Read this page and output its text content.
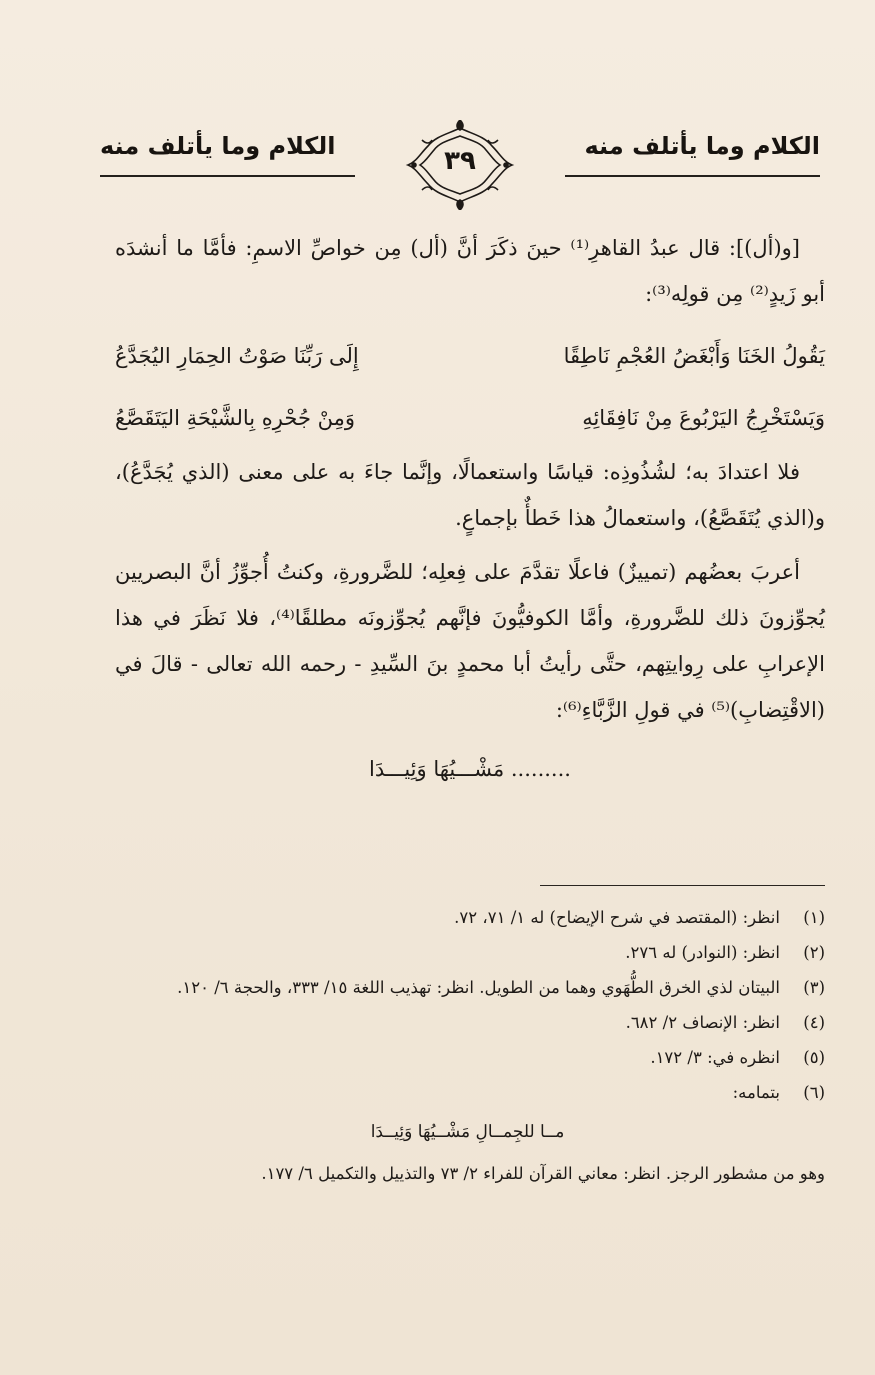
الكلام وما يأتلف منه
الكلام وما يأتلف منه	٣٩

[و(أل)]: قال عبدُ القاهرِ⁽¹⁾ حينَ ذكَرَ أنَّ (أل) مِن خواصِّ الاسمِ: فأمَّا ما أنشدَه أبو زَيدٍ⁽²⁾ مِن قولِه⁽³⁾:

يَقُولُ الخَنَا وَأَبْغَضُ العُجْمِ نَاطِقًا
إِلَى رَبِّنَا صَوْتُ الحِمَارِ اليُجَدَّعُ
وَيَسْتَخْرِجُ اليَرْبُوعَ مِنْ نَافِقَائِهِ
وَمِنْ جُحْرِهِ بِالشَّيْحَةِ اليَتَقَصَّعُ

فلا اعتدادَ به؛ لشُذُوذِه: قياسًا واستعمالًا، وإنَّما جاءَ به على معنى (الذي يُجَدَّعُ)، و(الذي يُتَقَصَّعُ)، واستعمالُ هذا خَطأٌ بإجماعٍ.

أعربَ بعضُهم (تمييزٌ) فاعلًا تقدَّمَ على فِعلِه؛ للضَّرورةِ، وكنتُ أُجوِّزُ أنَّ البصريين يُجوِّزونَ ذلك للضَّرورةِ، وأمَّا الكوفيُّونَ فإنَّهم يُجوِّزونَه مطلقًا⁽⁴⁾، فلا نَظَرَ في هذا الإعرابِ على رِوايتِهم، حتَّى رأيتُ أبا محمدٍ بنَ السِّيدِ - رحمه الله تعالى - قالَ في (الاقْتِضابِ)⁽⁵⁾ في قولِ الزَّبَّاءِ⁽⁶⁾:

......... مَشْـــيُهَا وَئِيـــدَا
(١)
انظر: (المقتصد في شرح الإيضاح) له ١/ ٧١، ٧٢.
(٢)
انظر: (النوادر) له ٢٧٦.
(٣)
البيتان لذي الخرق الطُّهَوي وهما من الطويل. انظر: تهذيب اللغة ١٥/ ٣٣٣، والحجة ٦/ ١٢٠.
(٤)
انظر: الإنصاف ٢/ ٦٨٢.
(٥)
انظره في: ٣/ ١٧٢.
(٦)
بتمامه:
مــا للجِمــالِ مَشْــيُهَا وَئِيــدَا
وهو من مشطور الرجز. انظر: معاني القرآن للفراء ٢/ ٧٣ والتذييل والتكميل ٦/ ١٧٧.
